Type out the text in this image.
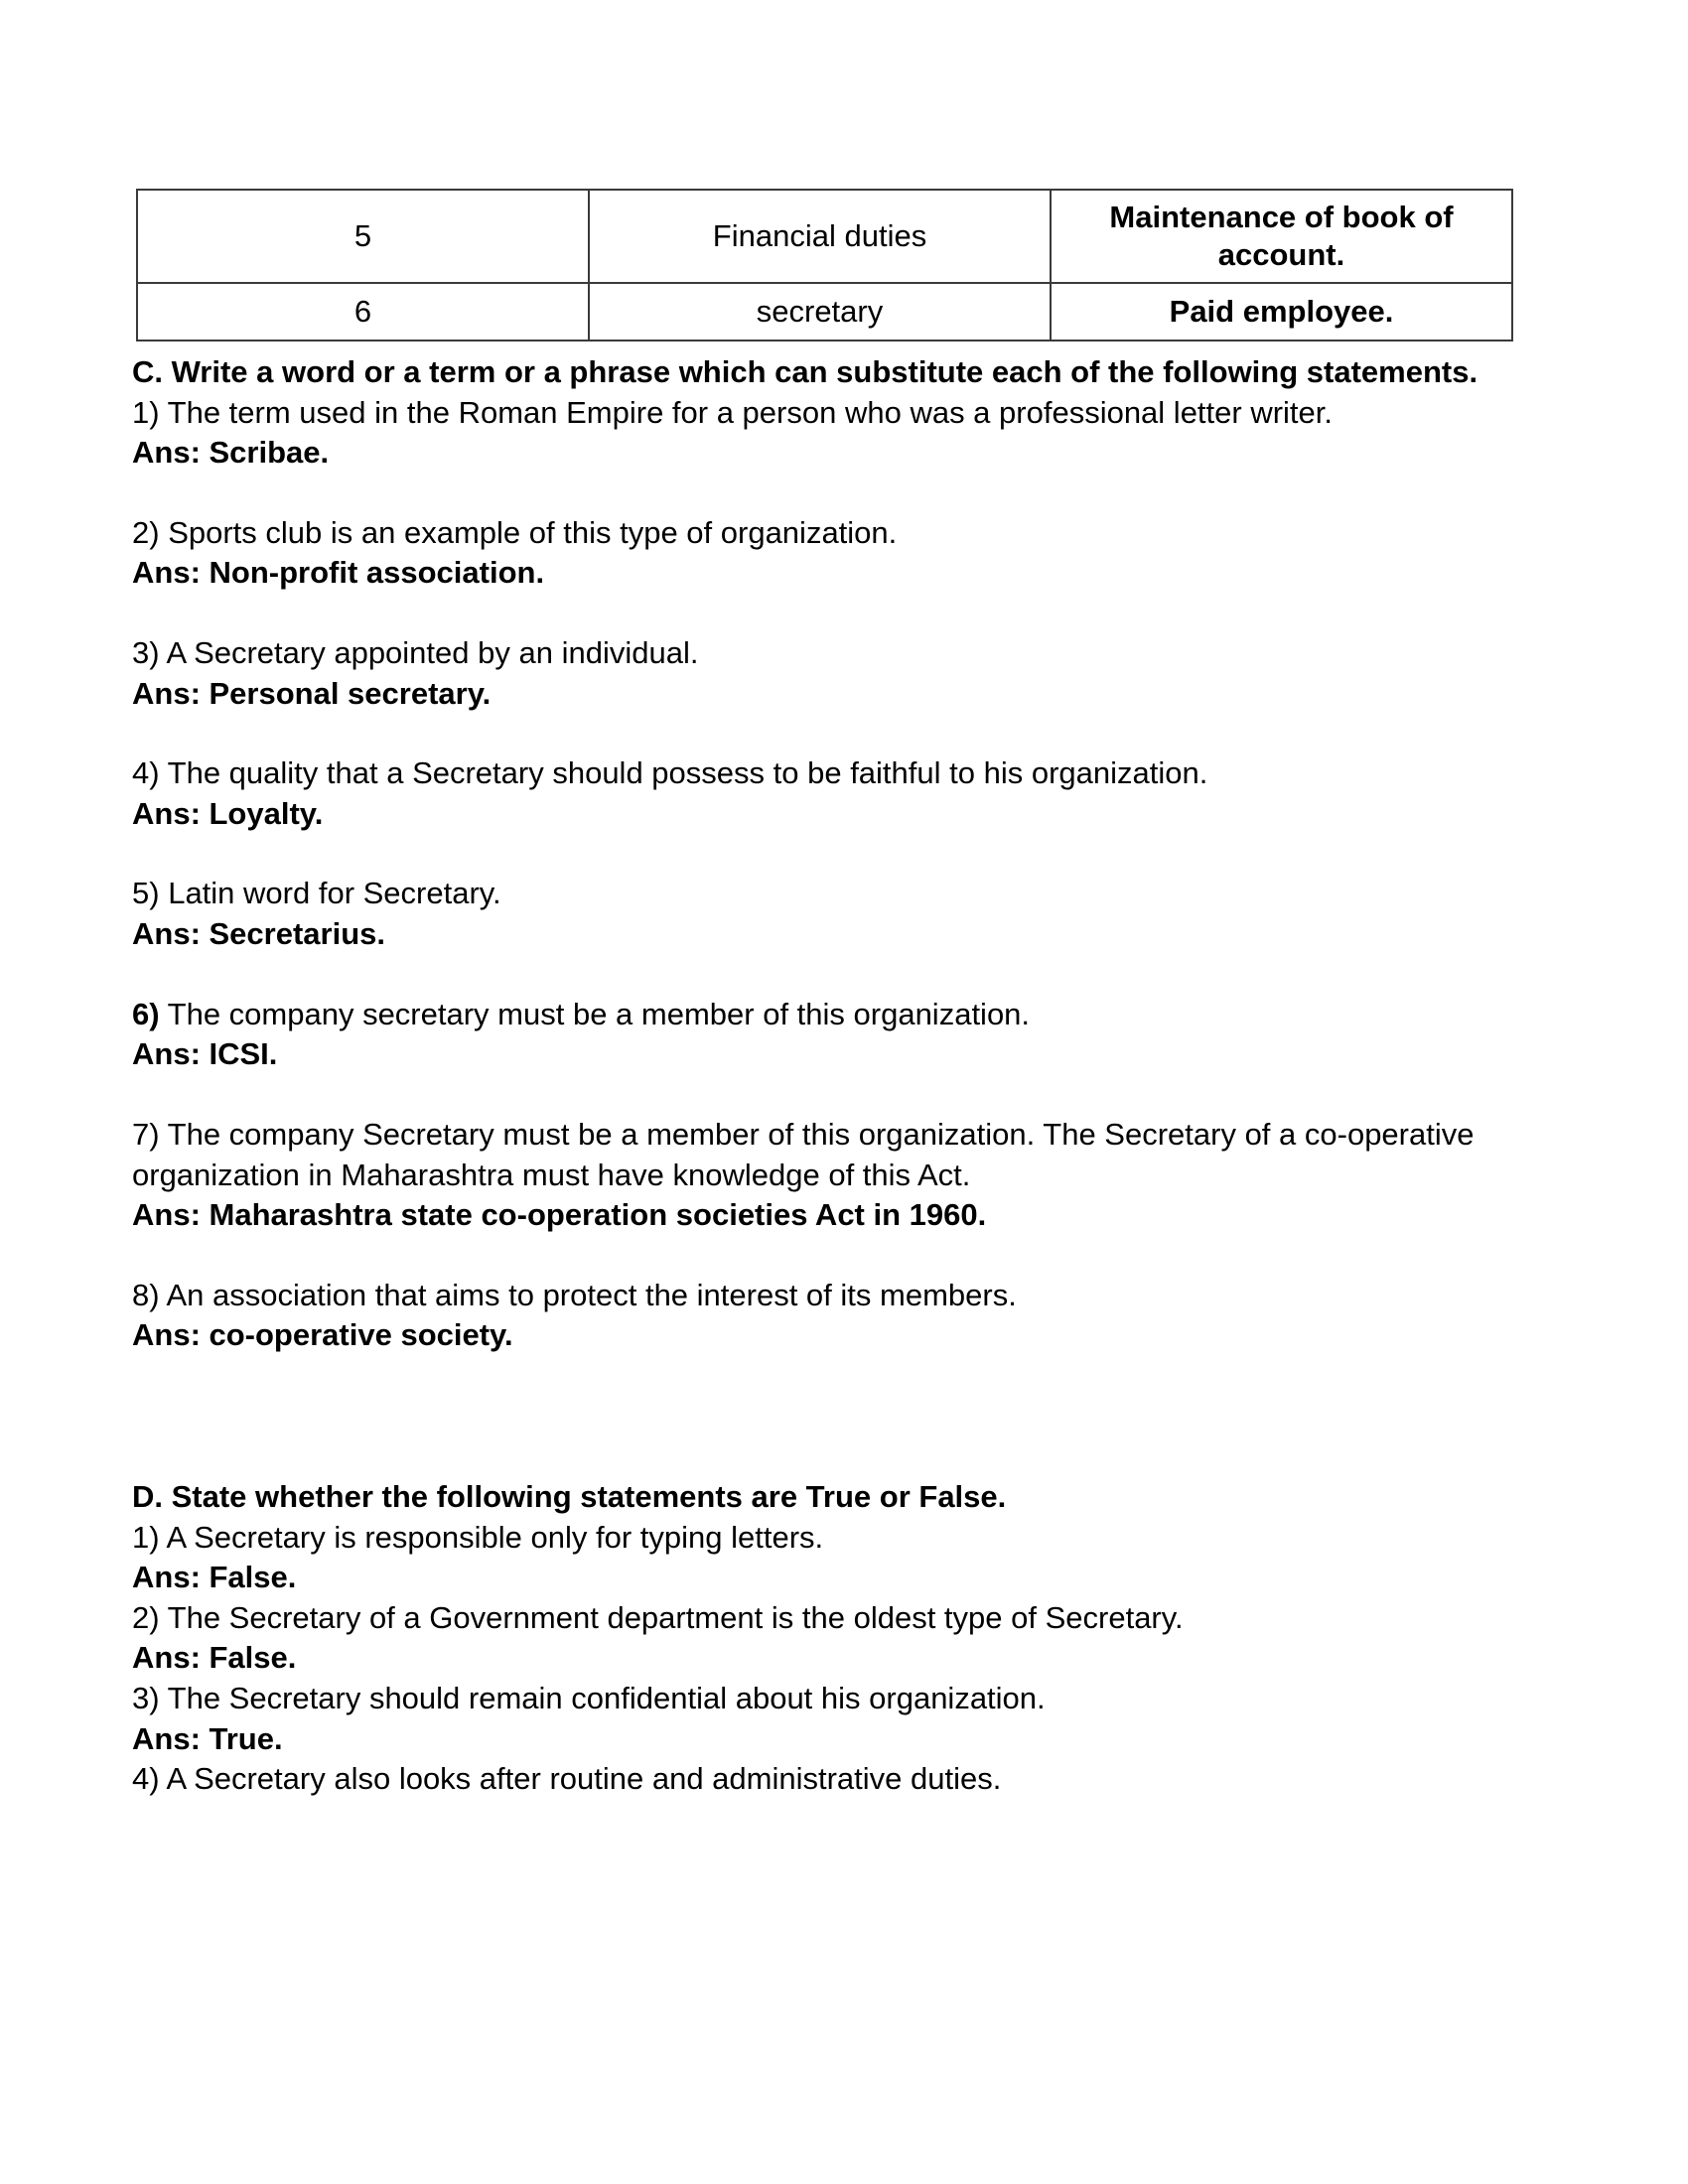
5	Financial duties	Maintenance of book of account.
6	secretary	Paid employee.

C. Write a word or a term or a phrase which can substitute each of the following statements.

1) The term used in the Roman Empire for a person who was a professional letter writer.

Ans: Scribae.

2) Sports club is an example of this type of organization.

Ans: Non-profit association.

3) A Secretary appointed by an individual.

Ans: Personal secretary.

4) The quality that a Secretary should possess to be faithful to his organization.

Ans: Loyalty.

5) Latin word for Secretary.

Ans: Secretarius.

6) The company secretary must be a member of this organization.

Ans: ICSI.

7) The company Secretary must be a member of this organization. The Secretary of a co-operative organization in Maharashtra must have knowledge of this Act.

Ans: Maharashtra state co-operation societies Act in 1960.

8) An association that aims to protect the interest of its members.

Ans: co-operative society.

D. State whether the following statements are True or False.

1) A Secretary is responsible only for typing letters.

Ans: False.

2) The Secretary of a Government department is the oldest type of Secretary.

Ans: False.

3) The Secretary should remain confidential about his organization.

Ans: True.

4) A Secretary also looks after routine and administrative duties.
